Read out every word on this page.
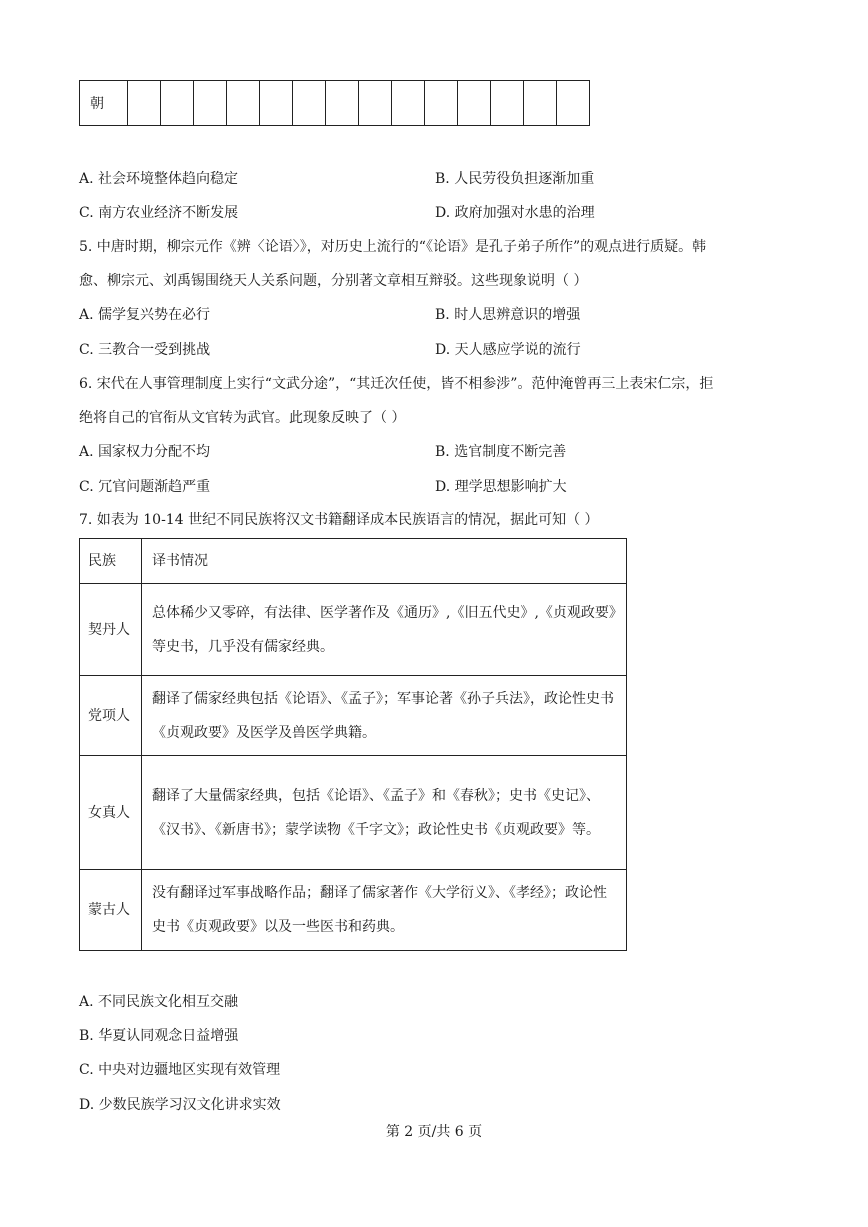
朝														
A. 社会环境整体趋向稳定	B. 人民劳役负担逐渐加重
C. 南方农业经济不断发展	D. 政府加强对水患的治理
5. 中唐时期，柳宗元作《辨〈论语〉》，对历史上流行的“《论语》是孔子弟子所作”的观点进行质疑。韩
愈、柳宗元、刘禹锡围绕天人关系问题，分别著文章相互辩驳。这些现象说明（ ）
A. 儒学复兴势在必行	B. 时人思辨意识的增强
C. 三教合一受到挑战	D. 天人感应学说的流行
6. 宋代在人事管理制度上实行“文武分途”，“其迁次任使，皆不相参涉”。范仲淹曾再三上表宋仁宗，拒
绝将自己的官衔从文官转为武官。此现象反映了（ ）
A. 国家权力分配不均	B. 选官制度不断完善
C. 冗官问题渐趋严重	D. 理学思想影响扩大
7. 如表为 10-14 世纪不同民族将汉文书籍翻译成本民族语言的情况，据此可知（ ）
民族	译书情况
契丹人	总体稀少又零碎，有法律、医学著作及《通历》,《旧五代史》,《贞观政要》等史书，几乎没有儒家经典。
党项人	翻译了儒家经典包括《论语》、《孟子》；军事论著《孙子兵法》，政论性史书《贞观政要》及医学及兽医学典籍。
女真人	翻译了大量儒家经典，包括《论语》、《孟子》和《春秋》；史书《史记》、《汉书》、《新唐书》；蒙学读物《千字文》；政论性史书《贞观政要》等。
蒙古人	没有翻译过军事战略作品；翻译了儒家著作《大学衍义》、《孝经》；政论性史书《贞观政要》以及一些医书和药典。
A. 不同民族文化相互交融
B. 华夏认同观念日益增强
C. 中央对边疆地区实现有效管理
D. 少数民族学习汉文化讲求实效
第 2 页/共 6 页
